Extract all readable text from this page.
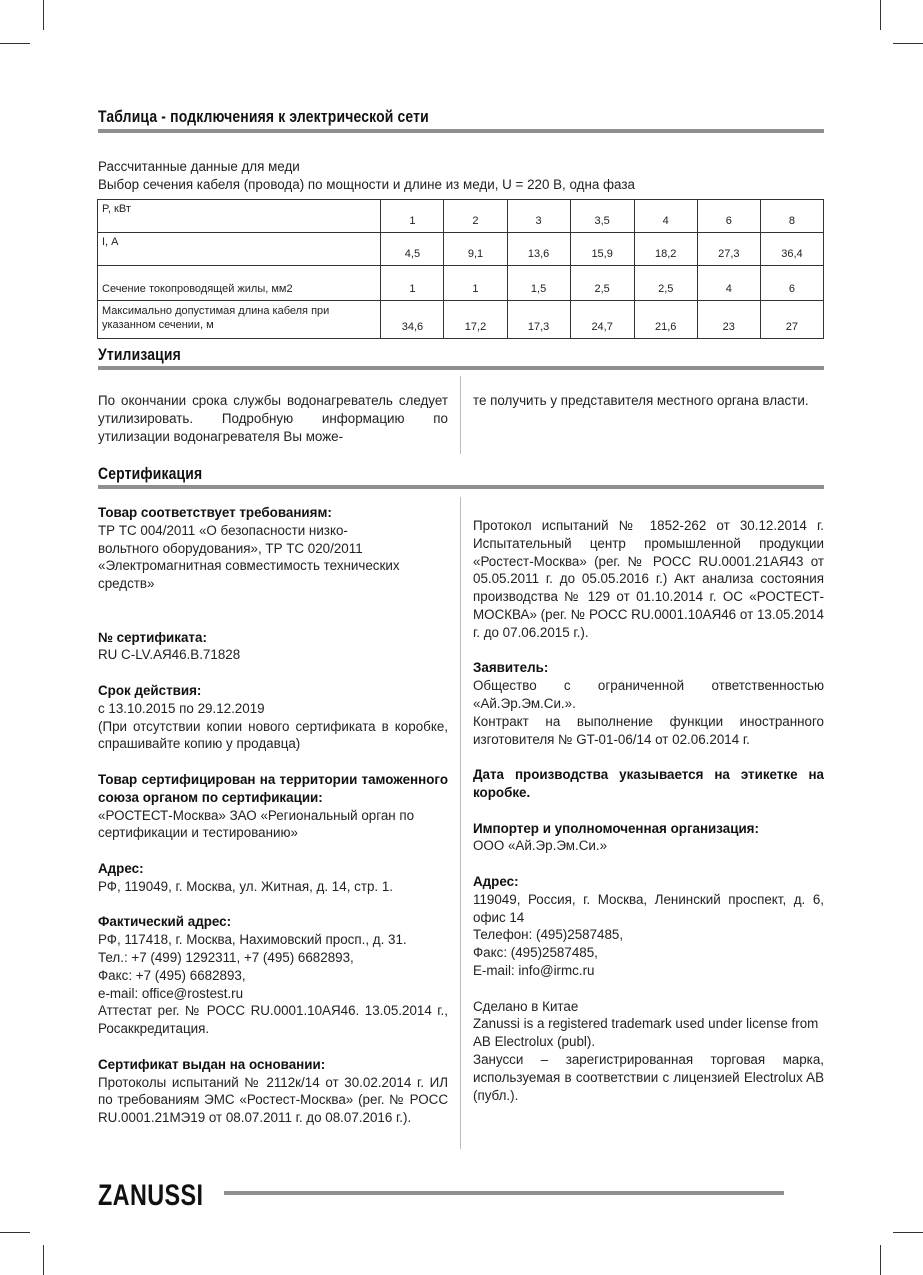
Таблица - подключенияя к электрической сети
Рассчитанные данные для меди
Выбор сечения кабеля (провода) по мощности и длине из меди, U = 220 В, одна фаза
P, кВт	1	2	3	3,5	4	6	8
I, А	4,5	9,1	13,6	15,9	18,2	27,3	36,4
Сечение токопроводящей жилы, мм2	1	1	1,5	2,5	2,5	4	6
Максимально допустимая длина кабеля при указанном сечении, м	34,6	17,2	17,3	24,7	21,6	23	27
Утилизация
По окончании срока службы водонагреватель следует утилизировать. Подробную информацию по утилизации водонагревателя Вы може-
те получить у представителя местного органа власти.
Сертификация

Товар соответствует требованиям:

ТР ТС 004/2011 «О безопасности низко-

вольтного оборудования», ТР ТС 020/2011

«Электромагнитная совместимость технических

средств»

№ сертификата:

RU C-LV.АЯ46.В.71828

Срок действия:

с 13.10.2015 по 29.12.2019

(При отсутствии копии нового сертификата в коробке, спрашивайте копию у продавца)

Товар сертифицирован на территории таможенного союза органом по сертификации:

«РОСТЕСТ-Москва» ЗАО «Региональный орган по сертификации и тестированию»

Адрес:

РФ, 119049, г. Москва, ул. Житная, д. 14, стр. 1.

Фактический адрес:

РФ, 117418, г. Москва, Нахимовский просп., д. 31.

Тел.: +7 (499) 1292311, +7 (495) 6682893,

Факс: +7 (495) 6682893,

e-mail: office@rostest.ru

Аттестат рег. № РОСС RU.0001.10АЯ46. 13.05.2014 г., Росаккредитация.

Сертификат выдан на основании:

Протоколы испытаний № 2112к/14 от 30.02.2014 г. ИЛ по требованиям ЭМС «Ростест-Москва» (рег. № РОСС RU.0001.21МЭ19 от 08.07.2011 г. до 08.07.2016 г.).

Протокол испытаний № 1852-262 от 30.12.2014 г. Испытательный центр промышленной продукции «Ростест-Москва» (рег. № РОСС RU.0001.21АЯ43 от 05.05.2011 г. до 05.05.2016 г.) Акт анализа состояния производства № 129 от 01.10.2014 г. ОС «РОСТЕСТ-МОСКВА» (рег. № РОСС RU.0001.10АЯ46 от 13.05.2014 г. до 07.06.2015 г.).

Заявитель:

Общество с ограниченной ответственностью «Ай.Эр.Эм.Си.».

Контракт на выполнение функции иностранного изготовителя № GT-01-06/14 от 02.06.2014 г.

Дата производства указывается на этикетке на коробке.

Импортер и уполномоченная организация:

ООО «Ай.Эр.Эм.Си.»

Адрес:

119049, Россия, г. Москва, Ленинский проспект, д. 6, офис 14

Телефон: (495)2587485,

Факс: (495)2587485,

E-mail: info@irmc.ru

Сделано в Китае

Zanussi is a registered trademark used under license from AB Electrolux (publ).

Занусси – зарегистрированная торговая марка, используемая в соответствии с лицензией Electrolux AB (публ.).

ZANUSSI
